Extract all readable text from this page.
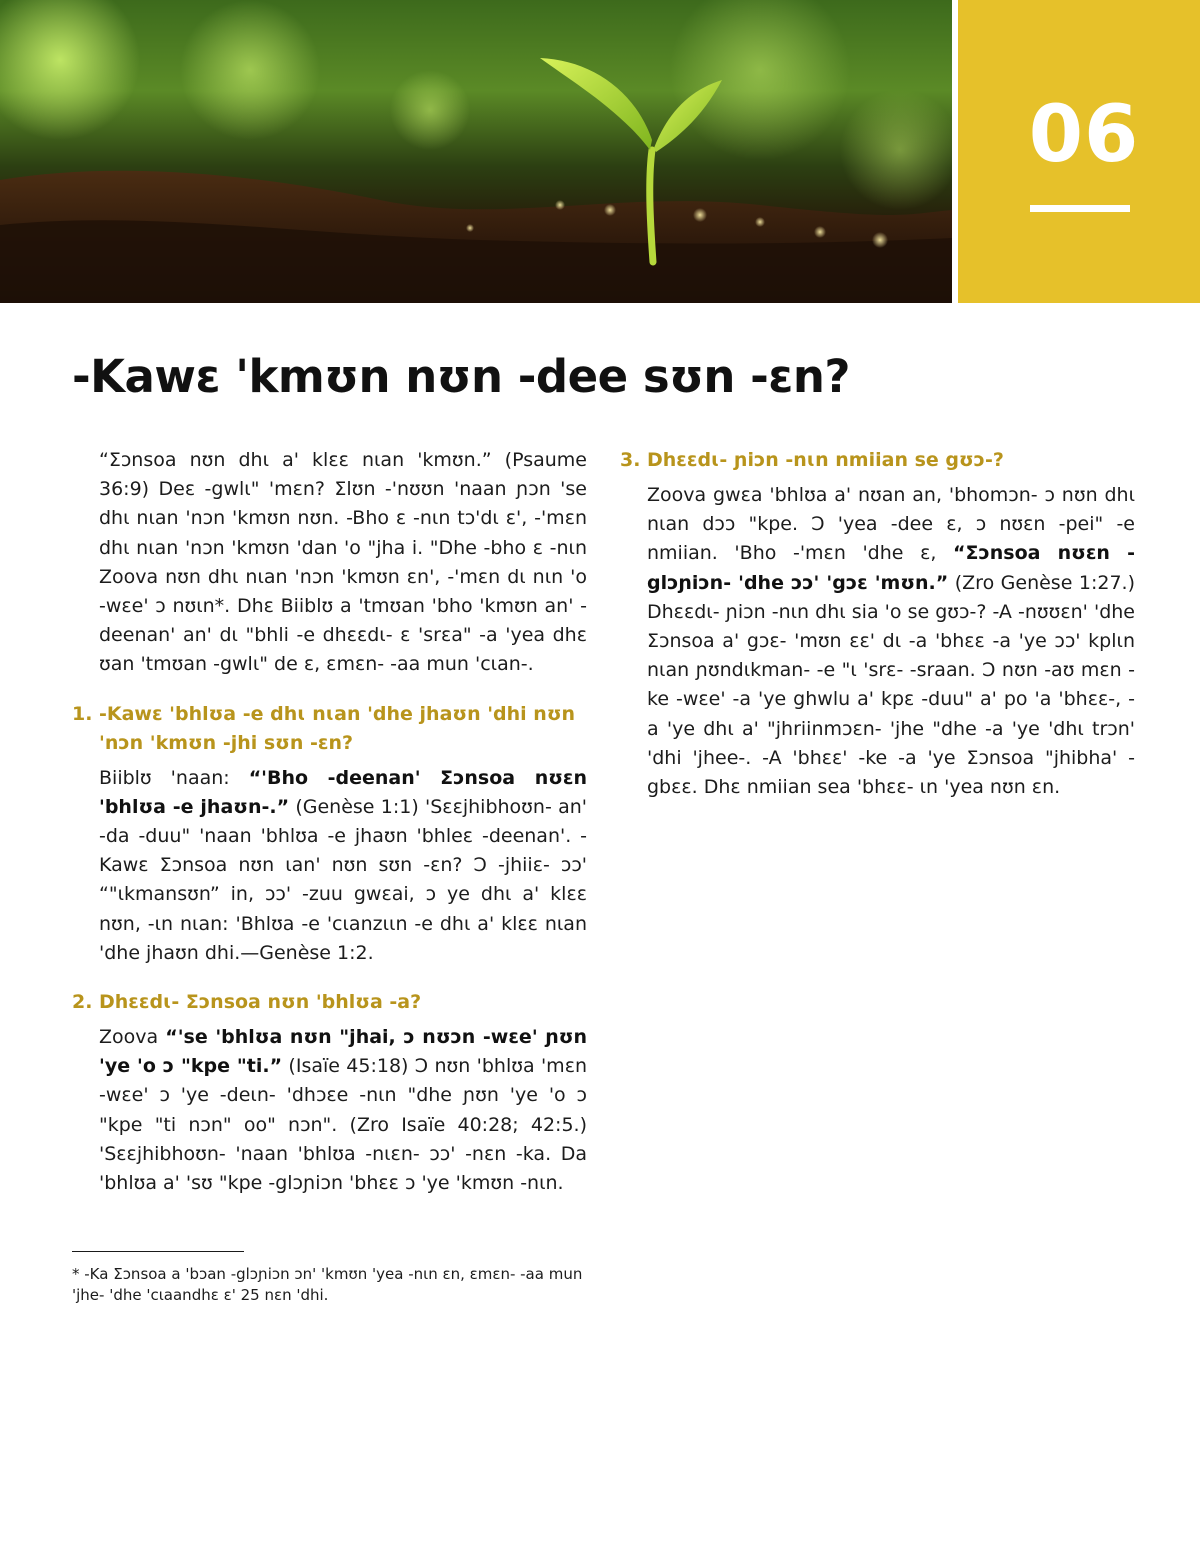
06
-Kawɛ 'kmʊn nʊn -dee sʊn -ɛn?

“Ʃɔnsoa nʊn dhɩ a' klɛɛ nɩan 'kmʊn.” (Psaume 36:9) Deɛ -gwlɩ" 'mɛn? Ʃlʊn -'nʊʊn 'naan ɲɔn 'se dhɩ nɩan 'nɔn 'kmʊn nʊn. -Bho ɛ -nɩn tɔ'dɩ ɛ', -'mɛn dhɩ nɩan 'nɔn 'kmʊn 'dan 'o "jha i. "Dhe -bho ɛ -nɩn Zoova nʊn dhɩ nɩan 'nɔn 'kmʊn ɛn', -'mɛn dɩ nɩn 'o -wɛe' ɔ nʊɩn*. Dhɛ Biiblʊ a 'tmʊan 'bho 'kmʊn an' -deenan' an' dɩ "bhli -e dhɛɛdɩ- ɛ 'srɛa" -a 'yea dhɛ ʊan 'tmʊan -gwlɩ" de ɛ, ɛmɛn- -aa mun 'cɩan-.

1. -Kawɛ 'bhlʊa -e dhɩ nɩan 'dhe jhaʊn 'dhi nʊn 'nɔn 'kmʊn -jhi sʊn -ɛn?

Biiblʊ 'naan: “'Bho -deenan' Ʃɔnsoa nʊɛn 'bhlʊa -e jhaʊn-.” (Genèse 1:1) 'Sɛɛjhibhoʊn- an' -da -duu" 'naan 'bhlʊa -e jhaʊn 'bhleɛ -deenan'. -Kawɛ Ʃɔnsoa nʊn ɩan' nʊn sʊn -ɛn? Ɔ -jhiiɛ- ɔɔ' “"ɩkmansʊn” in, ɔɔ' -zuu gwɛai, ɔ ye dhɩ a' klɛɛ nʊn, -ɩn nɩan: 'Bhlʊa -e 'cɩanzɩɩn -e dhɩ a' klɛɛ nɩan 'dhe jhaʊn dhi.—Genèse 1:2.

2. Dhɛɛdɩ- Ʃɔnsoa nʊn 'bhlʊa -a?

Zoova “'se 'bhlʊa nʊn "jhai, ɔ nʊɔn -wɛe' ɲʊn 'ye 'o ɔ "kpe "ti.” (Isaïe 45:18) Ɔ nʊn 'bhlʊa 'mɛn -wɛe' ɔ 'ye -deɩn- 'dhɔɛe -nɩn "dhe ɲʊn 'ye 'o ɔ "kpe "ti nɔn" oo" nɔn". (Zro Isaïe 40:28; 42:5.) 'Sɛɛjhibhoʊn- 'naan 'bhlʊa -nɩɛn- ɔɔ' -nɛn -ka. Da 'bhlʊa a' 'sʊ "kpe -glɔɲiɔn 'bhɛɛ ɔ 'ye 'kmʊn -nɩn.

3. Dhɛɛdɩ- ɲiɔn -nɩn nmiian se gʊɔ-?

Zoova gwɛa 'bhlʊa a' nʊan an, 'bhomɔn- ɔ nʊn dhɩ nɩan dɔɔ "kpe. Ɔ 'yea -dee ɛ, ɔ nʊɛn -pei" -e nmiian. 'Bho -'mɛn 'dhe ɛ, “Ʃɔnsoa nʊɛn -glɔɲiɔn- 'dhe ɔɔ' 'gɔɛ 'mʊn.” (Zro Genèse 1:27.) Dhɛɛdɩ- ɲiɔn -nɩn dhɩ sia 'o se gʊɔ-? -A -nʊʊɛn' 'dhe Ʃɔnsoa a' gɔɛ- 'mʊn ɛɛ' dɩ -a 'bhɛɛ -a 'ye ɔɔ' kplɩn nɩan ɲʊndɩkman- -e "ɩ 'srɛ- -sraan. Ɔ nʊn -aʊ mɛn -ke -wɛe' -a 'ye ghwlu a' kpɛ -duu" a' po 'a 'bhɛɛ-, -a 'ye dhɩ a' "jhriinmɔɛn- 'jhe "dhe -a 'ye 'dhɩ trɔn' 'dhi 'jhee-. -A 'bhɛɛ' -ke -a 'ye Ʃɔnsoa "jhibha' -gbɛɛ. Dhɛ nmiian sea 'bhɛɛ- ɩn 'yea nʊn ɛn.

* -Ka Ʃɔnsoa a 'bɔan -glɔɲiɔn ɔn' 'kmʊn 'yea -nɩn ɛn, ɛmɛn- -aa mun 'jhe- 'dhe 'cɩaandhɛ ɛ' 25 nɛn 'dhi.
